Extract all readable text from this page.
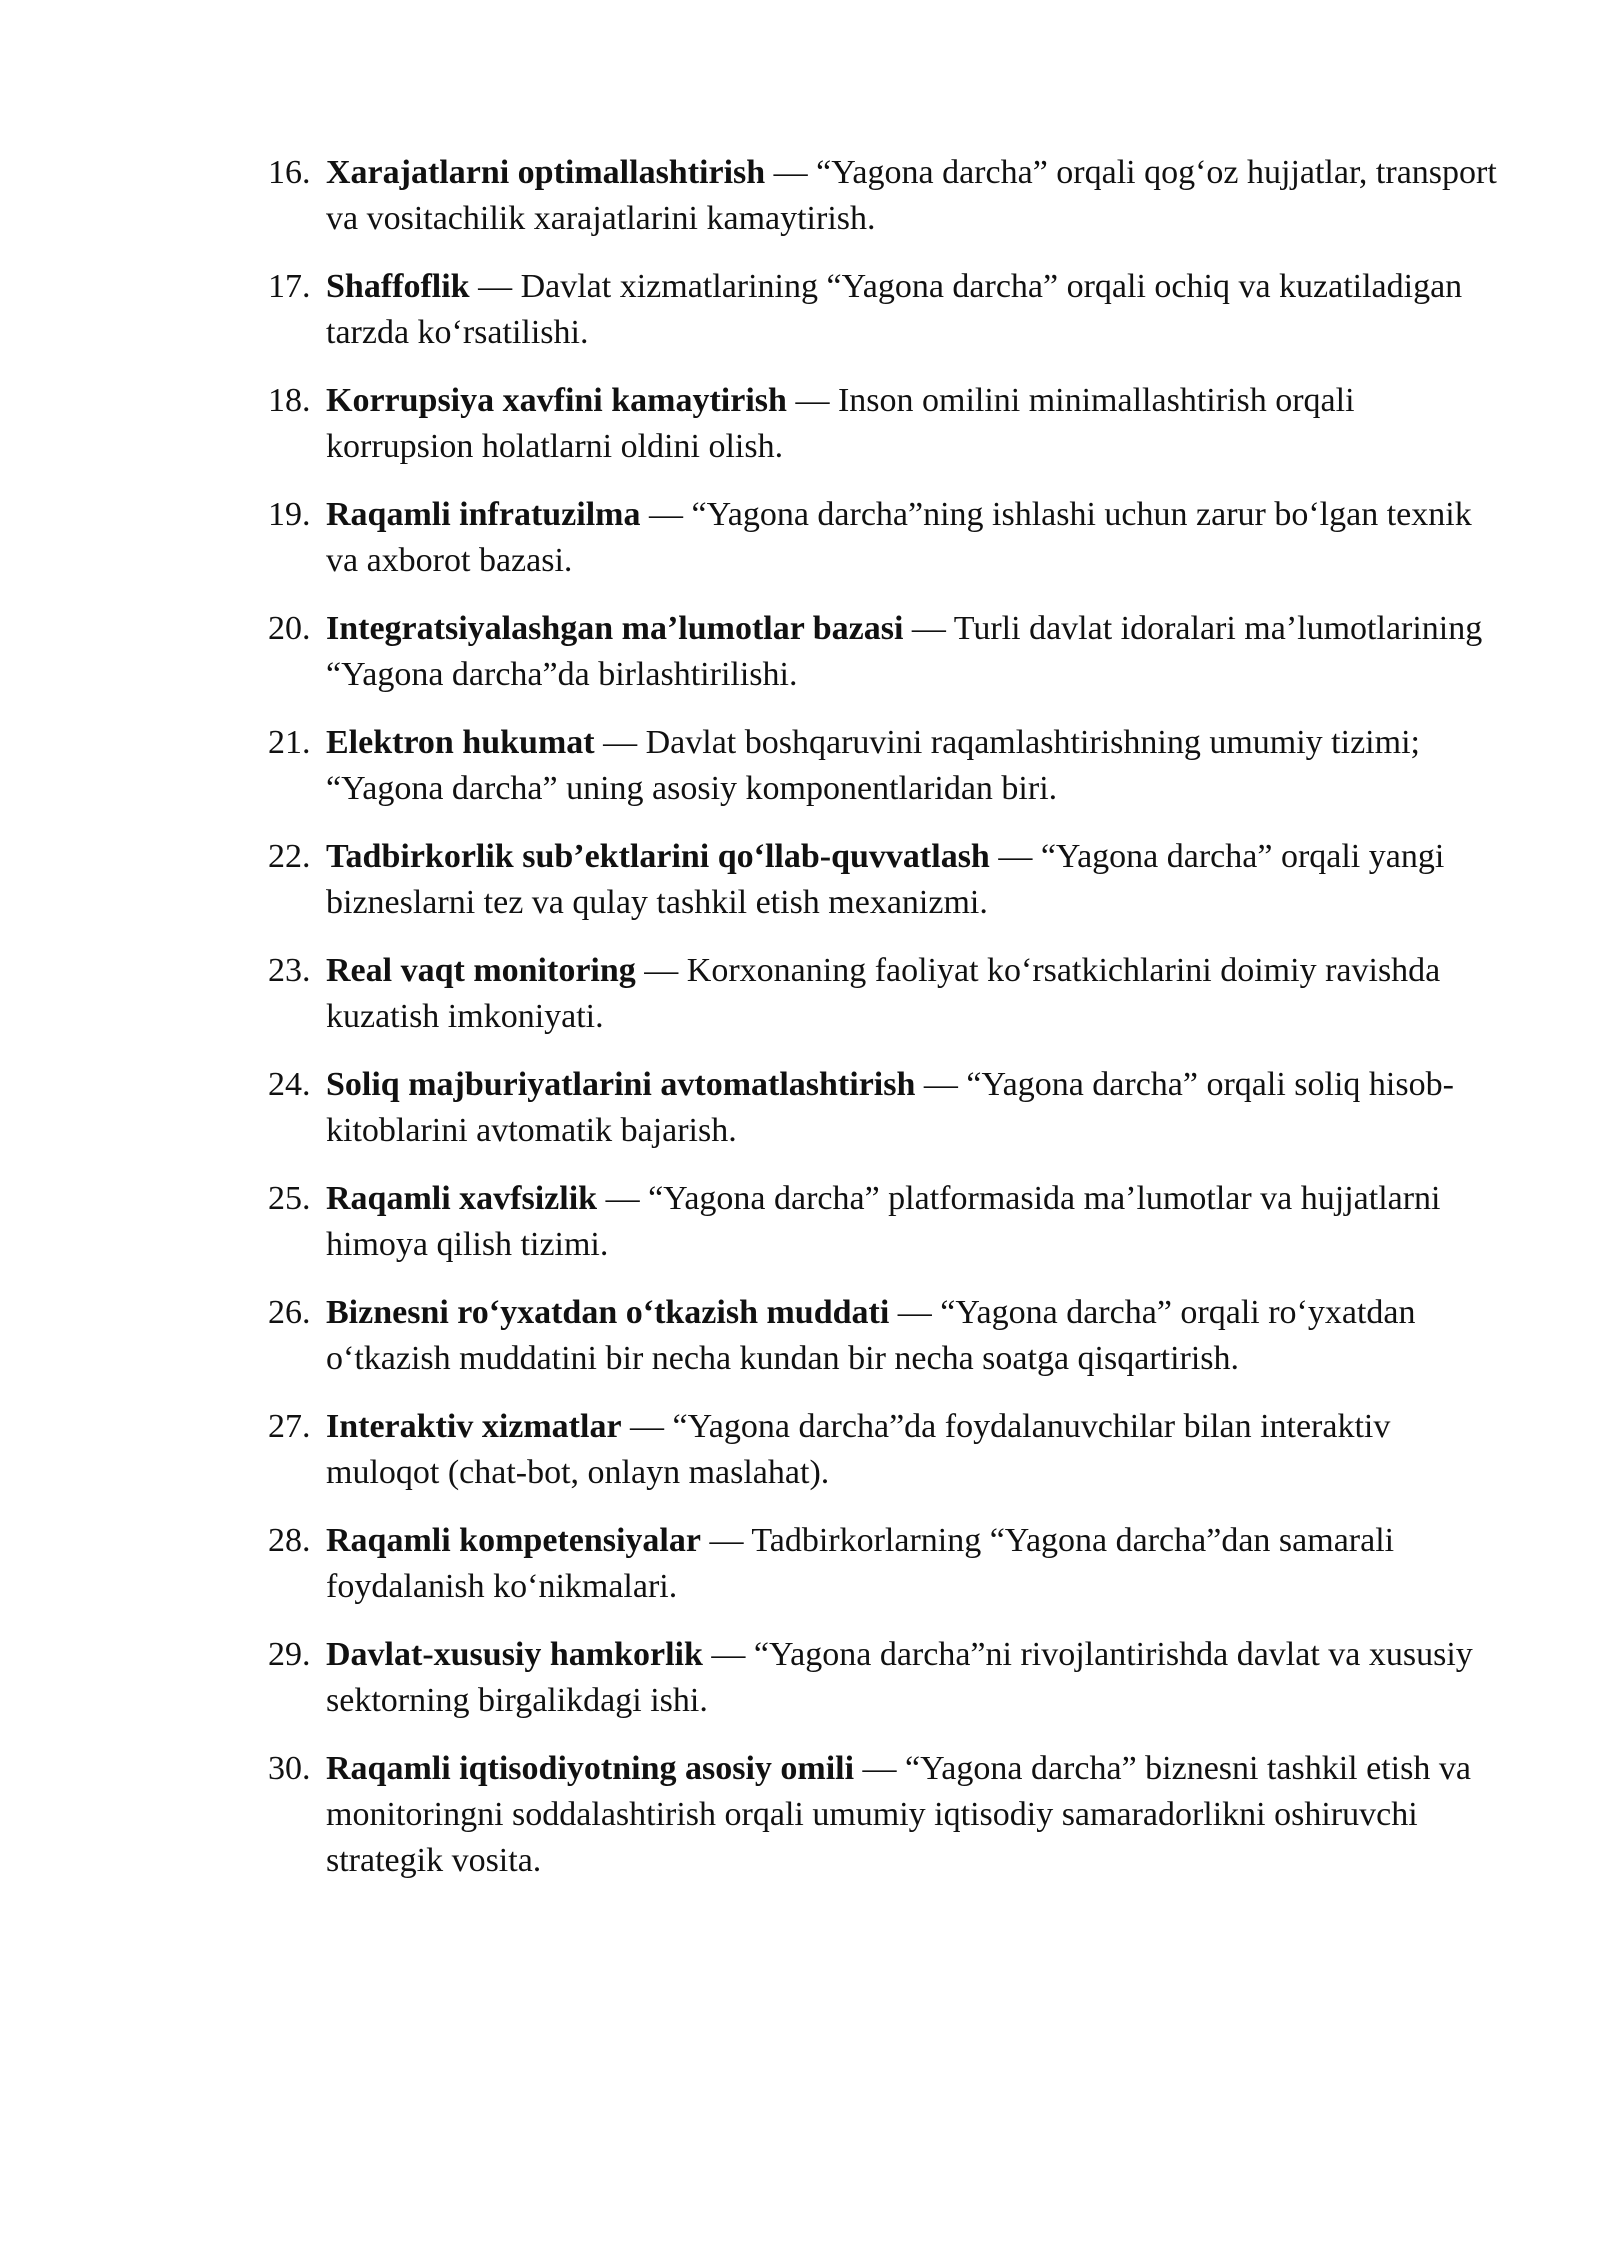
16. Xarajatlarni optimallashtirish — “Yagona darcha” orqali qog‘oz hujjatlar, transport va vositachilik xarajatlarini kamaytirish.
17. Shaffoflik — Davlat xizmatlarining “Yagona darcha” orqali ochiq va kuzatiladigan tarzda ko‘rsatilishi.
18. Korrupsiya xavfini kamaytirish — Inson omilini minimallashtirish orqali korrupsion holatlarni oldini olish.
19. Raqamli infratuzilma — “Yagona darcha”ning ishlashi uchun zarur bo‘lgan texnik va axborot bazasi.
20. Integratsiyalashgan ma’lumotlar bazasi — Turli davlat idoralari ma’lumotlarining “Yagona darcha”da birlashtirilishi.
21. Elektron hukumat — Davlat boshqaruvini raqamlashtirishning umumiy tizimi; “Yagona darcha” uning asosiy komponentlaridan biri.
22. Tadbirkorlik sub’ektlarini qo‘llab-quvvatlash — “Yagona darcha” orqali yangi bizneslarni tez va qulay tashkil etish mexanizmi.
23. Real vaqt monitoring — Korxonaning faoliyat ko‘rsatkichlarini doimiy ravishda kuzatish imkoniyati.
24. Soliq majburiyatlarini avtomatlashtirish — “Yagona darcha” orqali soliq hisob-kitoblarini avtomatik bajarish.
25. Raqamli xavfsizlik — “Yagona darcha” platformasida ma’lumotlar va hujjatlarni himoya qilish tizimi.
26. Biznesni ro‘yxatdan o‘tkazish muddati — “Yagona darcha” orqali ro‘yxatdan o‘tkazish muddatini bir necha kundan bir necha soatga qisqartirish.
27. Interaktiv xizmatlar — “Yagona darcha”da foydalanuvchilar bilan interaktiv muloqot (chat-bot, onlayn maslahat).
28. Raqamli kompetensiyalar — Tadbirkorlarning “Yagona darcha”dan samarali foydalanish ko‘nikmalari.
29. Davlat-xususiy hamkorlik — “Yagona darcha”ni rivojlantirishda davlat va xususiy sektorning birgalikdagi ishi.
30. Raqamli iqtisodiyotning asosiy omili — “Yagona darcha” biznesni tashkil etish va monitoringni soddalashtirish orqali umumiy iqtisodiy samaradorlikni oshiruvchi strategik vosita.
